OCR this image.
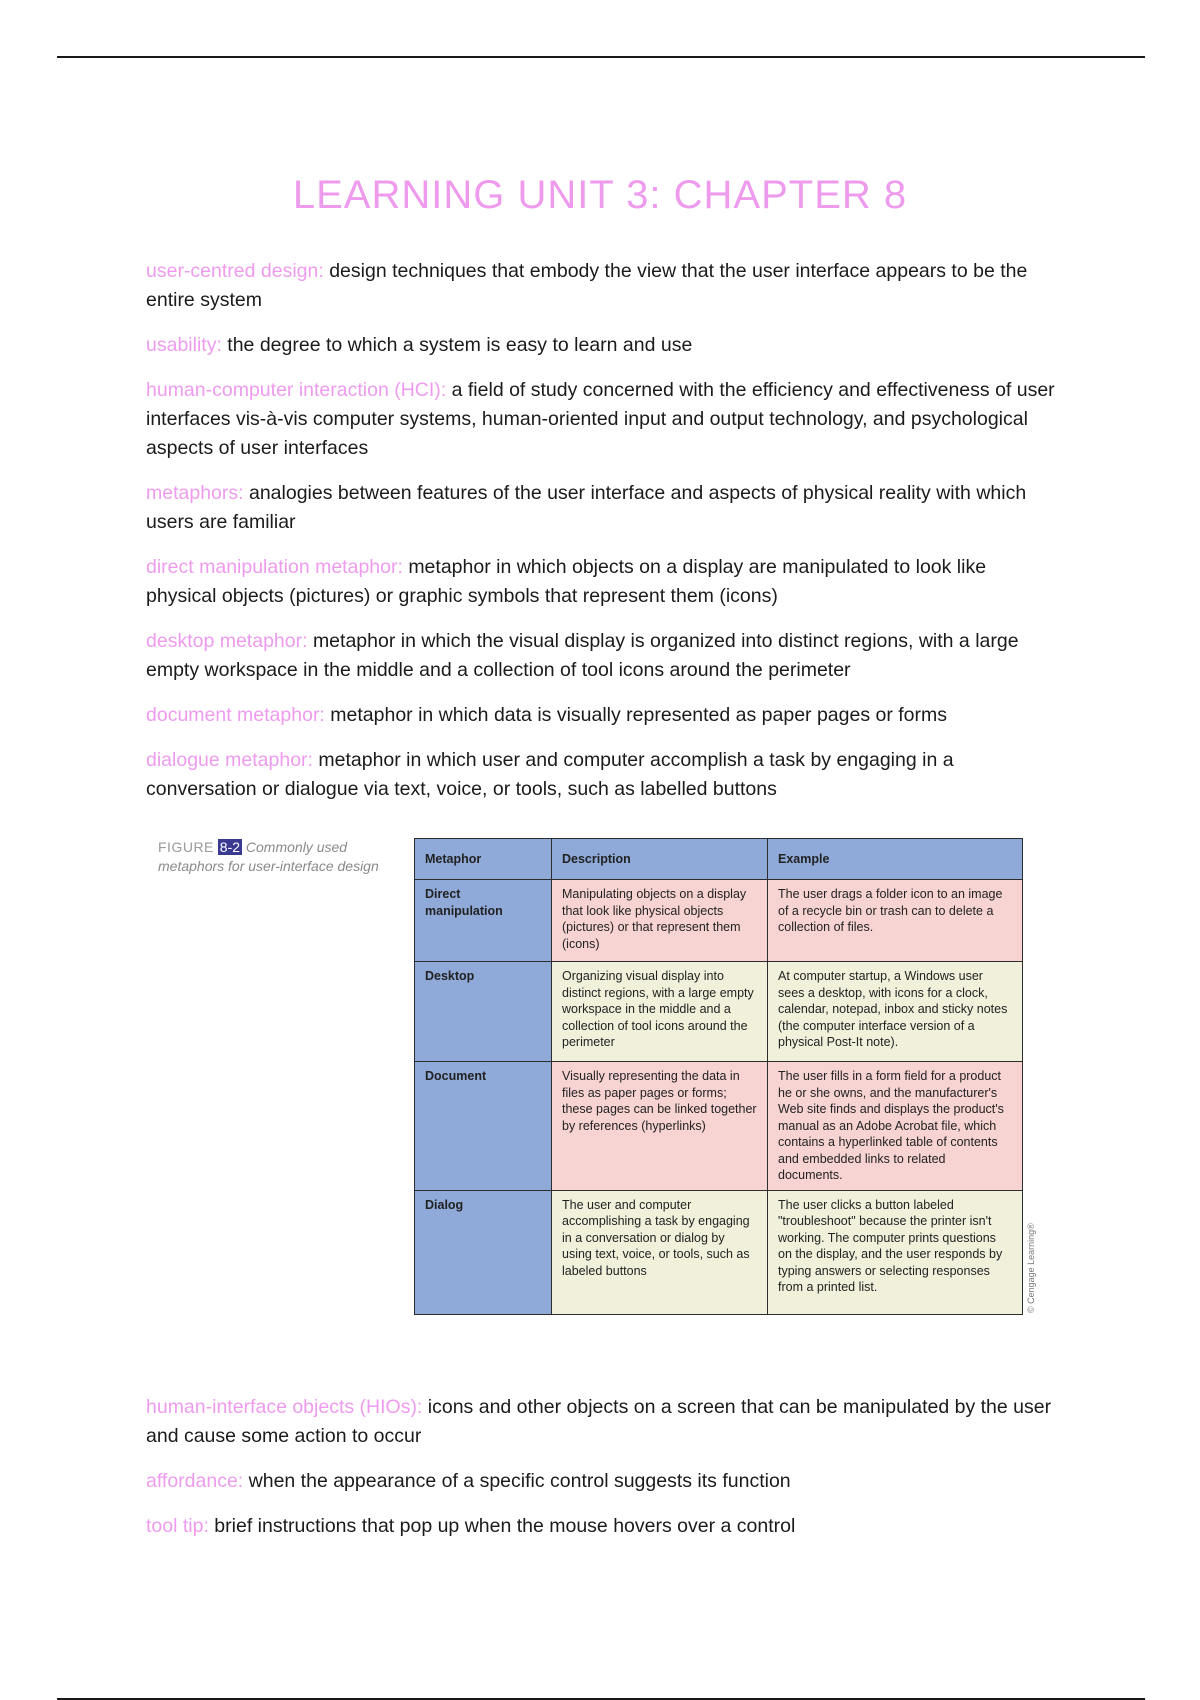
LEARNING UNIT 3: CHAPTER 8

user-centred design: design techniques that embody the view that the user interface appears to be the entire system

usability: the degree to which a system is easy to learn and use

human-computer interaction (HCI): a field of study concerned with the efficiency and effectiveness of user interfaces vis-à-vis computer systems, human-oriented input and output technology, and psychological aspects of user interfaces

metaphors: analogies between features of the user interface and aspects of physical reality with which users are familiar

direct manipulation metaphor: metaphor in which objects on a display are manipulated to look like physical objects (pictures) or graphic symbols that represent them (icons)

desktop metaphor: metaphor in which the visual display is organized into distinct regions, with a large empty workspace in the middle and a collection of tool icons around the perimeter

document metaphor: metaphor in which data is visually represented as paper pages or forms

dialogue metaphor: metaphor in which user and computer accomplish a task by engaging in a conversation or dialogue via text, voice, or tools, such as labelled buttons

FIGURE 8-2 Commonly used metaphors for user-interface design	Metaphor	Description	Example
Direct manipulation	Manipulating objects on a display that look like physical objects (pictures) or that represent them (icons)	The user drags a folder icon to an image of a recycle bin or trash can to delete a collection of files.
Desktop	Organizing visual display into distinct regions, with a large empty workspace in the middle and a collection of tool icons around the perimeter	At computer startup, a Windows user sees a desktop, with icons for a clock, calendar, notepad, inbox and sticky notes (the computer interface version of a physical Post-It note).
Document	Visually representing the data in files as paper pages or forms; these pages can be linked together by references (hyperlinks)	The user fills in a form field for a product he or she owns, and the manufacturer's Web site finds and displays the product's manual as an Adobe Acrobat file, which contains a hyperlinked table of contents and embedded links to related documents.
Dialog	The user and computer accomplishing a task by engaging in a conversation or dialog by using text, voice, or tools, such as labeled buttons	The user clicks a button labeled "troubleshoot" because the printer isn't working. The computer prints questions on the display, and the user responds by typing answers or selecting responses from a printed list.	© Cengage Learning®

human-interface objects (HIOs): icons and other objects on a screen that can be manipulated by the user and cause some action to occur

affordance: when the appearance of a specific control suggests its function

tool tip: brief instructions that pop up when the mouse hovers over a control
